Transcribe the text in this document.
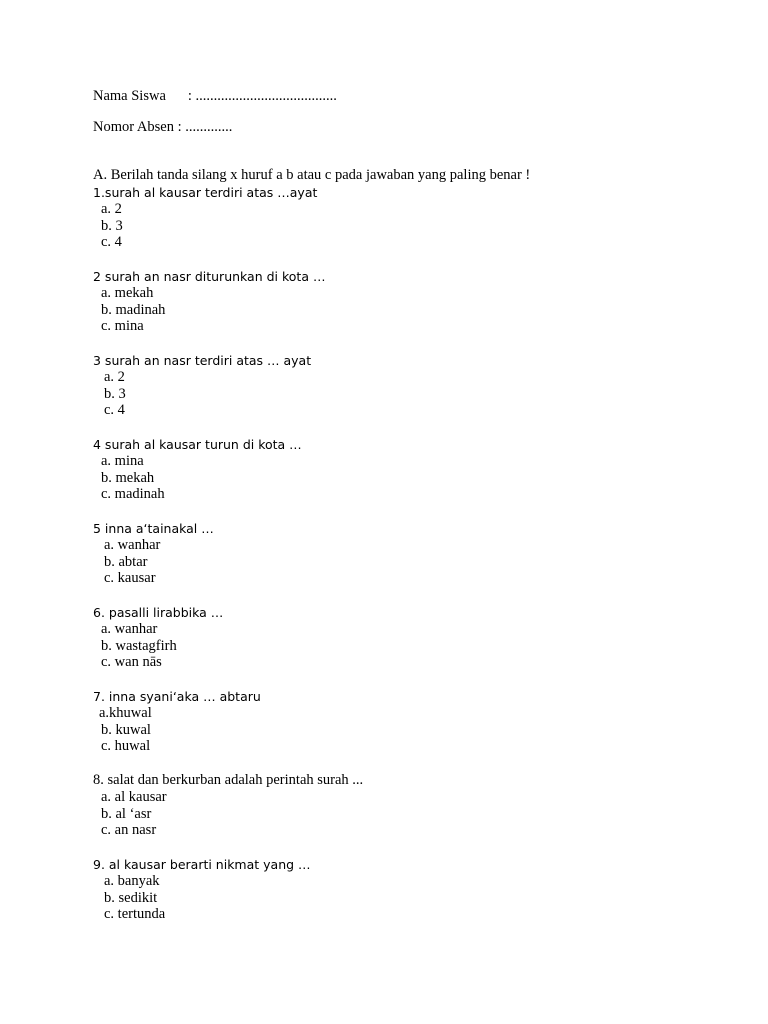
Nama Siswa : .......................................
Nomor Absen : .............
A. Berilah tanda silang x huruf a b atau c pada jawaban yang paling benar !
1.surah al kausar terdiri atas …ayat
a. 2
b. 3
c. 4
2 surah an nasr diturunkan di kota …
a. mekah
b. madinah
c. mina
3 surah an nasr terdiri atas … ayat
a. 2
b. 3
c. 4
4 surah al kausar turun di kota …
a. mina
b. mekah
c. madinah
5 inna a‘tainakal …
a. wanhar
b. abtar
c. kausar
6. pasalli lirabbika …
a. wanhar
b. wastagfirh
c. wan nās
7. inna syani‘aka … abtaru
a.khuwal
b. kuwal
c. huwal
8. salat dan berkurban adalah perintah surah ...
a. al kausar
b. al ‘asr
c. an nasr
9. al kausar berarti nikmat yang …
a. banyak
b. sedikit
c. tertunda
